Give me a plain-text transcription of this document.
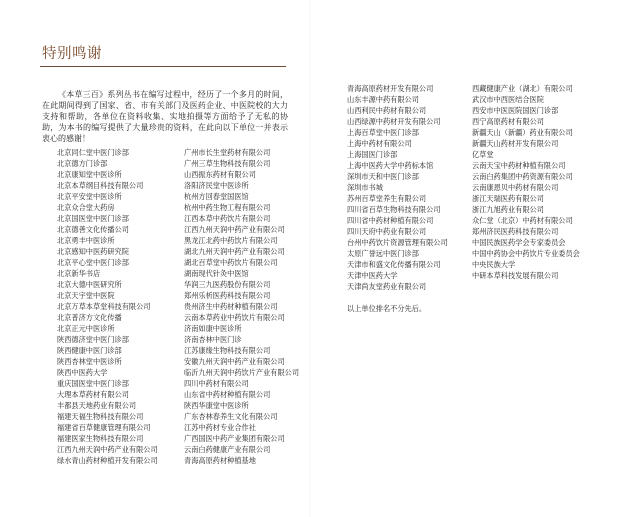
特别鸣谢

《本草三百》系列丛书在编写过程中，经历了一个多月的时间，在此期间得到了国家、省、市有关部门及医药企业、中医院校的大力支持和帮助，各单位在资料收集、实地拍摄等方面给予了无私的协助，为本书的编写提供了大量珍贵的资料，在此向以下单位一并表示衷心的感谢！

北京同仁堂中医门诊部
北京德方门诊部
北京康知堂中医诊所
北京本草纲目科技有限公司
北京平安堂中医诊所
北京众合堂大药房
北京国医堂中医门诊部
北京德善文化传播公司
北京勇丰中医诊所
北京感知中医药研究院
北京平心堂中医门诊部
北京新华书店
北京大德中医研究所
北京天宇堂中医院
北京万草本草堂科技有限公司
北京普济方文化传播
北京正元中医诊所
陕西德济堂中医门诊部
陕西健康中医门诊部
陕西杏林堂中医诊所
陕西中医药大学
重庆国医堂中医门诊部
大理本草药材有限公司
丰都县天地药业有限公司
福建天福生物科技有限公司
福建省百草健康管理有限公司
福建医家生物科技有限公司
江西九州天润中药产业有限公司
绿水青山药材种植开发有限公司
广州市长生堂药材有限公司
广州三草生物科技有限公司
山西振东药材有限公司
洛阳济民堂中医诊所
杭州方回春堂国医馆
杭州中药生物工程有限公司
江西本草中药饮片有限公司
江西九州天润中药产业有限公司
黑龙江北药中药饮片有限公司
湖北九州天润中药产业有限公司
湖北百草堂中药饮片有限公司
湖南现代针灸中医馆
华润三九医药股份有限公司
郑州乐析医药科技有限公司
贵州济生中药材种植有限公司
云南本草药业中药饮片有限公司
济南如康中医诊所
济南杏林中医门诊
江苏康缘生物科技有限公司
安徽九州天润中药产业有限公司
临沂九州天润中药饮片产业有限公司
四川中药材有限公司
山东省中药材种植有限公司
陕西华康堂中医诊所
广东杏林春养生文化有限公司
江苏中药材专业合作社
广西国医中药产业集团有限公司
云南白药健康产业有限公司
青海高原药材种植基地
青海高原药材开发有限公司
山东丰源中药有限公司
山西利民中药材有限公司
山西绿源中药材开发有限公司
上海百草堂中医门诊部
上海中药材有限公司
上海国医门诊部
上海中医药大学中药标本馆
深圳市天和中医门诊部
深圳市书城
苏州百草堂养生有限公司
四川省百草生物科技有限公司
四川省中药材种植有限公司
四川天府中药业有限公司
台州中药饮片资源管理有限公司
太原广誉远中医门诊部
天津市和盛文化传播有限公司
天津中医药大学
天津尚友堂药业有限公司
以上单位排名不分先后。
西藏健康产业（湖北）有限公司
武汉市中西医结合医院
西安市中医医院国医门诊部
西宁高原药材有限公司
新疆天山（新疆）药业有限公司
新疆天山药材开发有限公司
亿草堂
云南天宝中药材种植有限公司
云南白药集团中药资源有限公司
云南康恩贝中药材有限公司
浙江天瑞医药有限公司
浙江九旭药业有限公司
众仁堂（北京）中药材有限公司
郑州济民医药科技有限公司
中国民族医药学会专家委员会
中国中药协会中药饮片专业委员会
中央民族大学
中研本草科技发展有限公司
